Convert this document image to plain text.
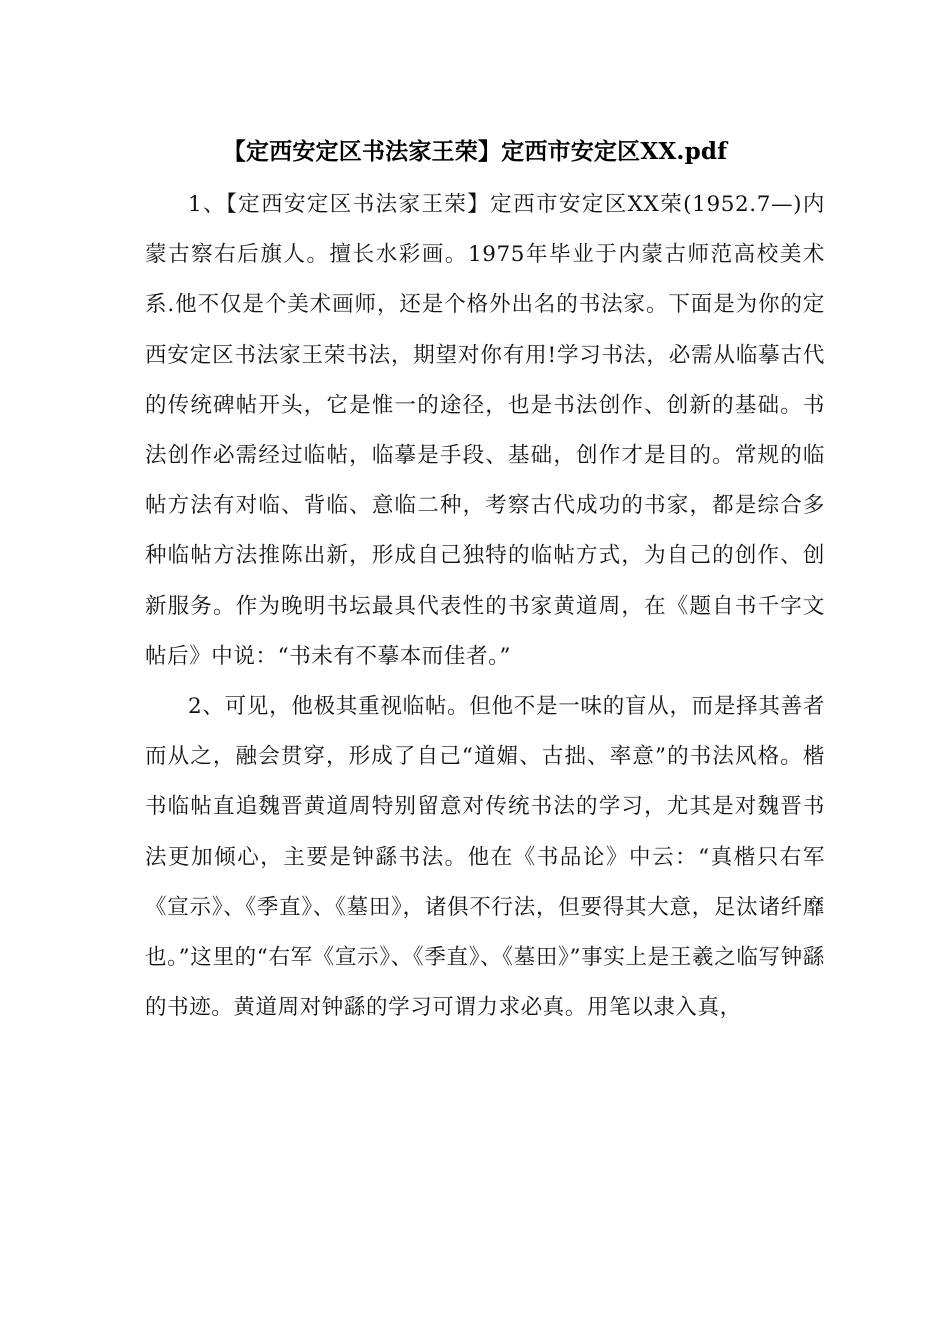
【定西安定区书法家王荣】定西市安定区XX.pdf

1、【定西安定区书法家王荣】定西市安定区XX荣(1952.7—)内蒙古察右后旗人。擅长水彩画。1975年毕业于内蒙古师范高校美术系.他不仅是个美术画师，还是个格外出名的书法家。下面是为你的定西安定区书法家王荣书法，期望对你有用!学习书法，必需从临摹古代的传统碑帖开头，它是惟一的途径，也是书法创作、创新的基础。书法创作必需经过临帖，临摹是手段、基础，创作才是目的。常规的临帖方法有对临、背临、意临二种，考察古代成功的书家，都是综合多种临帖方法推陈出新，形成自己独特的临帖方式，为自己的创作、创新服务。作为晚明书坛最具代表性的书家黄道周，在《题自书千字文帖后》中说：“书未有不摹本而佳者。”

2、可见，他极其重视临帖。但他不是一味的盲从，而是择其善者而从之，融会贯穿，形成了自己“道媚、古拙、率意”的书法风格。楷书临帖直追魏晋黄道周特别留意对传统书法的学习，尤其是对魏晋书法更加倾心，主要是钟繇书法。他在《书品论》中云：“真楷只右军《宣示》、《季直》、《墓田》，诸俱不行法，但要得其大意，足汰诸纤靡也。”这里的“右军《宣示》、《季直》、《墓田》”事实上是王羲之临写钟繇的书迹。黄道周对钟繇的学习可谓力求必真。用笔以隶入真，
